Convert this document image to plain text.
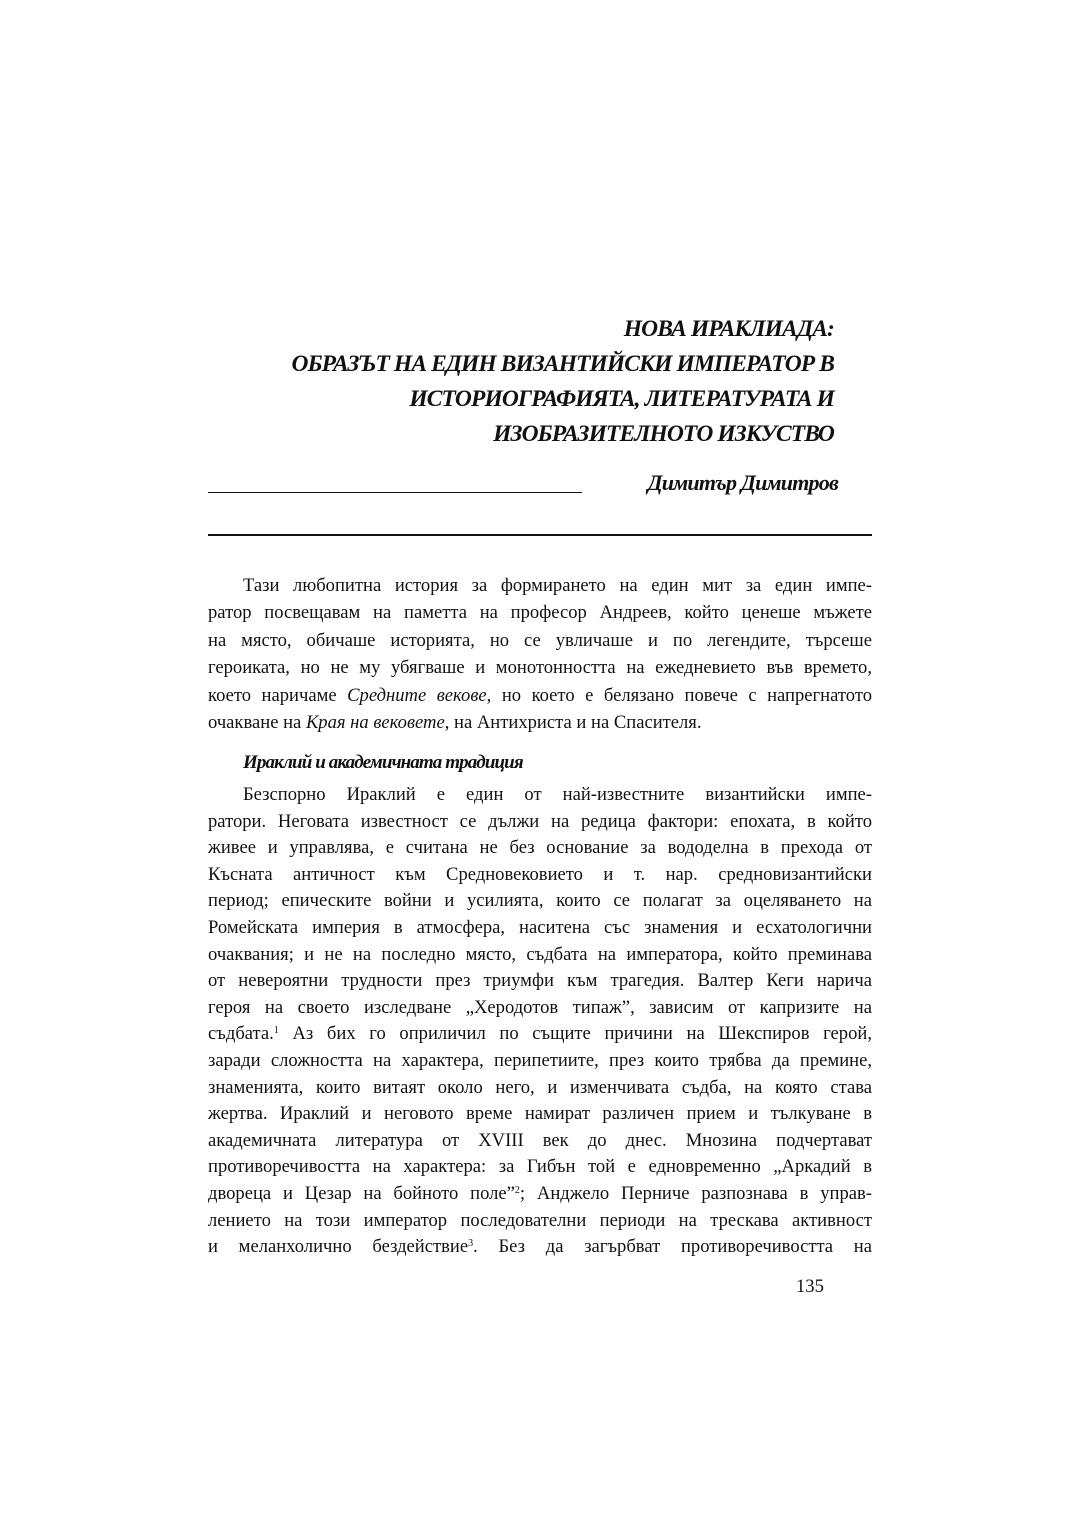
НОВА ИРАКЛИАДА:
ОБРАЗЪТ НА ЕДИН ВИЗАНТИЙСКИ ИМПЕРАТОР В
ИСТОРИОГРАФИЯТА, ЛИТЕРАТУРАТА И
ИЗОБРАЗИТЕЛНОТО ИЗКУСТВО
Димитър Димитров
Тази любопитна история за формирането на един мит за един импе-
ратор посвещавам на паметта на професор Андреев, който ценеше мъжете
на място, обичаше историята, но се увличаше и по легендите, търсеше
героиката, но не му убягваше и монотонността на ежедневието във времето,
което наричаме Средните векове, но което е белязано повече с напрегнатото
очакване на Края на вековете, на Антихриста и на Спасителя.
Ираклий и академичната традиция
Безспорно Ираклий е един от най-известните византийски импе-
ратори. Неговата известност се дължи на редица фактори: епохата, в който
живее и управлява, е считана не без основание за вододелна в прехода от
Късната античност към Средновековието и т. нар. средновизантийски
период; епическите войни и усилията, които се полагат за оцеляването на
Ромейската империя в атмосфера, наситена със знамения и есхатологични
очаквания; и не на последно място, съдбата на императора, който преминава
от невероятни трудности през триумфи към трагедия. Валтер Кеги нарича
героя на своето изследване „Херодотов типаж”, зависим от капризите на
съдбата.$^1$ Аз бих го оприличил по същите причини на Шекспиров герой,
заради сложността на характера, перипетиите, през които трябва да премине,
знаменията, които витаят около него, и изменчивата съдба, на която става
жертва. Ираклий и неговото време намират различен прием и тълкуване в
академичната литература от XVIII век до днес. Мнозина подчертават
противоречивостта на характера: за Гибън той е едновременно „Аркадий в
двореца и Цезар на бойното поле”$^2$; Анджело Перниче разпознава в управ-
лението на този император последователни периоди на трескава активност
и меланхолично бездействие$^3$. Без да загърбват противоречивостта на
135
